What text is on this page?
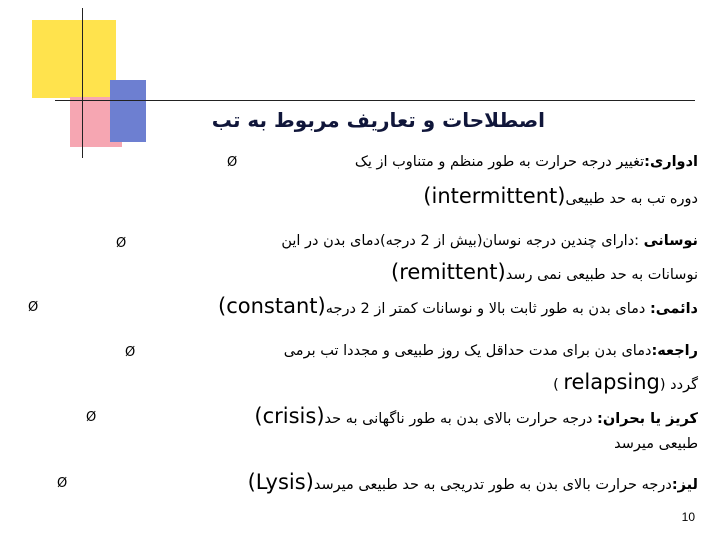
اصطلاحات و تعاریف مربوط به تب
Ø	ادواری:تغییر درجه حرارت به طور منظم و متناوب از یک
دوره تب به حد طبیعی(intermittent)
Ø	نوسانی :دارای چندین درجه نوسان(بیش از 2 درجه)دمای بدن در این
نوسانات به حد طبیعی نمی رسد(remittent)
Ø	دائمی: دمای بدن به طور ثابت بالا و نوسانات کمتر از 2 درجه(constant)
Ø	راجعه:دمای بدن برای مدت حداقل یک روز طبیعی و مجددا تب برمی
گردد (relapsing )
Ø	کریز یا بحران: درجه حرارت بالای بدن به طور ناگهانی به حد(crisis)
طبیعی میرسد
Ø	لیز:درجه حرارت بالای بدن به طور تدریجی به حد طبیعی میرسد(Lysis)
10
